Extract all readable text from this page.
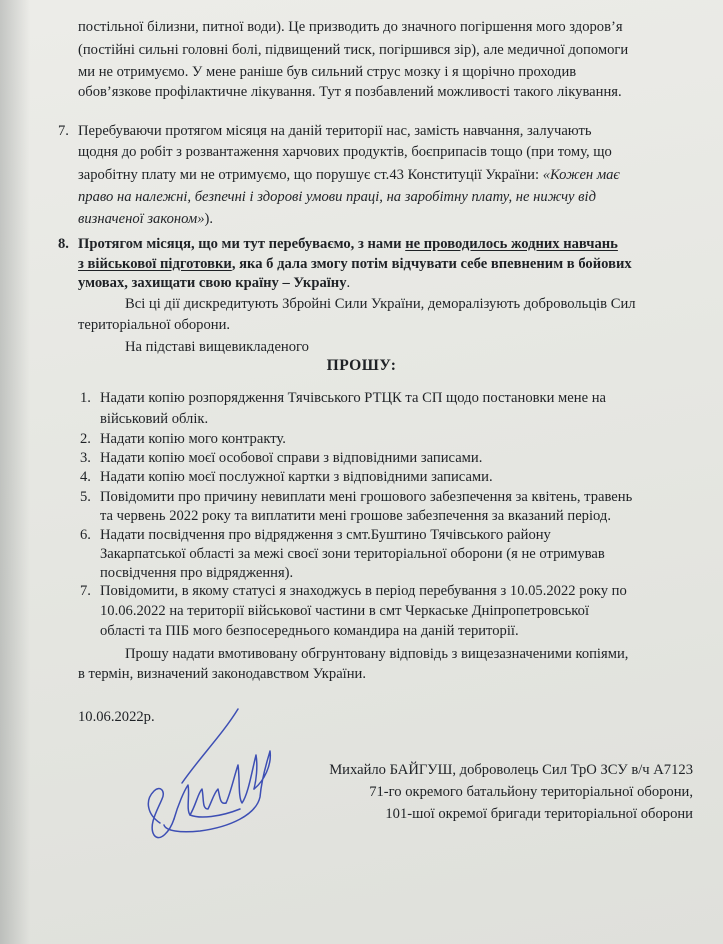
постільної білизни, питної води). Це призводить до значного погіршення мого здоров’я
(постійні сильні головні болі, підвищений тиск, погіршився зір), але медичної допомоги
ми не отримуємо. У мене раніше був сильний струс мозку і я щорічно проходив
обов’язкове профілактичне лікування. Тут я позбавлений можливості такого лікування.
7. Перебуваючи протягом місяця на даній території нас, замість навчання, залучають
щодня до робіт з розвантаження харчових продуктів, боєприпасів тощо (при тому, що
заробітну плату ми не отримуємо, що порушує ст.43 Конституції України: «Кожен має
право на належні, безпечні і здорові умови праці, на заробітну плату, не нижчу від
визначеної законом»).
8. Протягом місяця, що ми тут перебуваємо, з нами не проводилось жодних навчань
з військової підготовки, яка б дала змогу потім відчувати себе впевненим в бойових
умовах, захищати свою країну – Україну.
Всі ці дії дискредитують Збройні Сили України, деморалізують добровольців Сил
територіальної оборони.
На підставі вищевикладеного
ПРОШУ:
1. Надати копію розпорядження Тячівського РТЦК та СП щодо постановки мене на
військовий облік.
2. Надати копію мого контракту.
3. Надати копію моєї особової справи з відповідними записами.
4. Надати копію моєї послужної картки з відповідними записами.
5. Повідомити про причину невиплати мені грошового забезпечення за квітень, травень
та червень 2022 року та виплатити мені грошове забезпечення за вказаний період.
6. Надати посвідчення про відрядження з смт.Буштино Тячівського району
Закарпатської області за межі своєї зони територіальної оборони (я не отримував
посвідчення про відрядження).
7. Повідомити, в якому статусі я знаходжусь в період перебування з 10.05.2022 року по
10.06.2022 на території військової частини в смт Черкаське Дніпропетровської
області та ПІБ мого безпосереднього командира на даній території.
Прошу надати вмотивовану обгрунтовану відповідь з вищезазначеними копіями,
в термін, визначений законодавством України.
10.06.2022р.
Михайло БАЙГУШ, доброволець Сил ТрО ЗСУ в/ч А7123
71-го окремого батальйону територіальної оборони,
101-шої окремої бригади територіальної оборони
